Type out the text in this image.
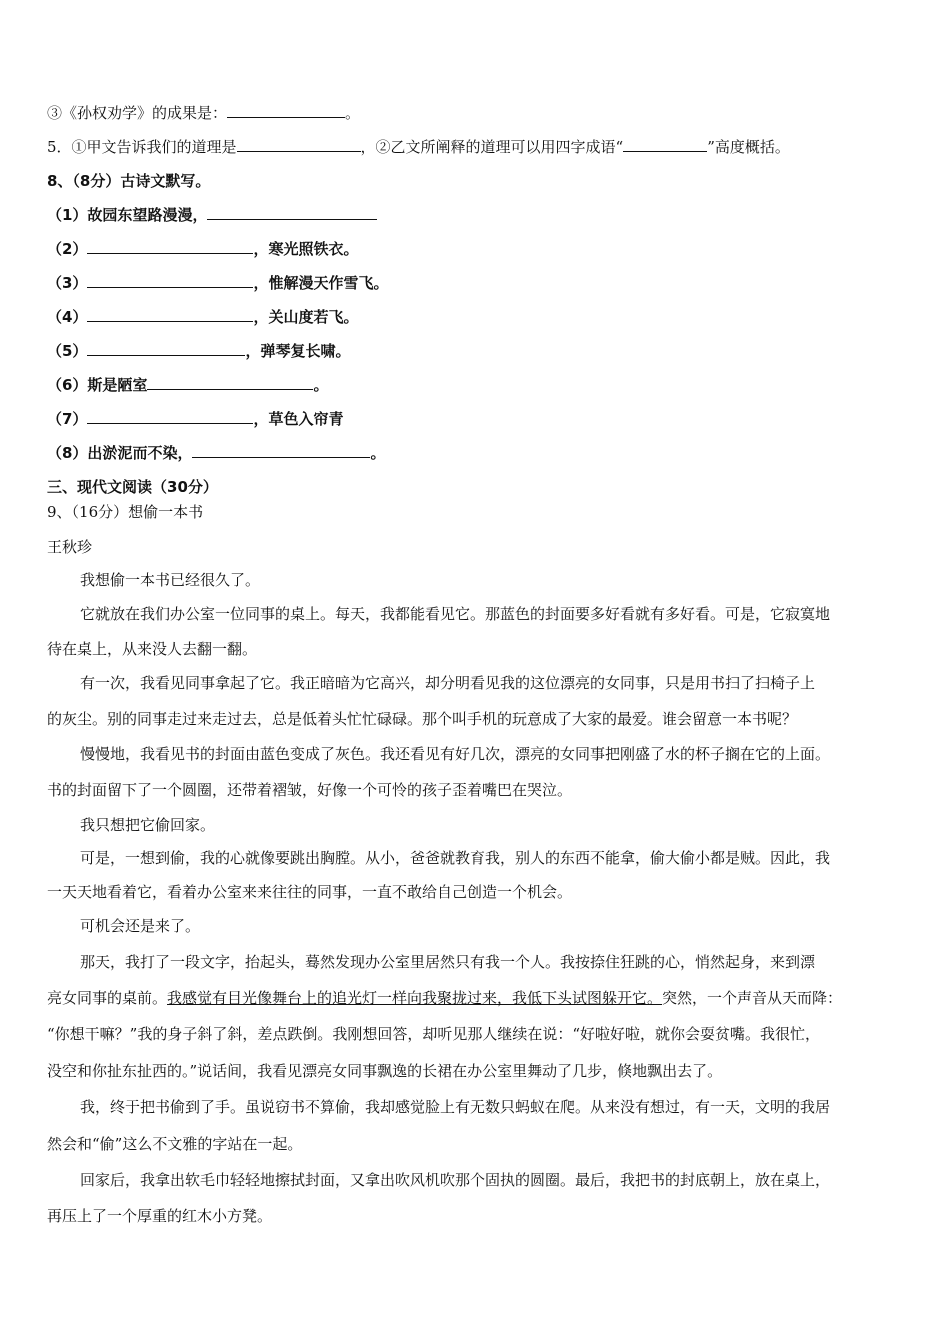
③《孙权劝学》的成果是：	。
5．①甲文告诉我们的道理是	，②乙文所阐释的道理可以用四字成语“	”高度概括。
8、（8分）古诗文默写。
（1）故园东望路漫漫，
（2）	，寒光照铁衣。
（3）	，惟解漫天作雪飞。
（4）	，关山度若飞。
（5）	，弹琴复长啸。
（6）斯是陋室	。
（7）	，草色入帘青
（8）出淤泥而不染，	。
三、现代文阅读（30分）
9、（16分）想偷一本书
王秋珍
我想偷一本书已经很久了。
它就放在我们办公室一位同事的桌上。每天，我都能看见它。那蓝色的封面要多好看就有多好看。可是，它寂寞地
待在桌上，从来没人去翻一翻。
有一次，我看见同事拿起了它。我正暗暗为它高兴，却分明看见我的这位漂亮的女同事，只是用书扫了扫椅子上
的灰尘。别的同事走过来走过去，总是低着头忙忙碌碌。那个叫手机的玩意成了大家的最爱。谁会留意一本书呢？
慢慢地，我看见书的封面由蓝色变成了灰色。我还看见有好几次，漂亮的女同事把刚盛了水的杯子搁在它的上面。
书的封面留下了一个圆圈，还带着褶皱，好像一个可怜的孩子歪着嘴巴在哭泣。
我只想把它偷回家。
可是，一想到偷，我的心就像要跳出胸膛。从小，爸爸就教育我，别人的东西不能拿，偷大偷小都是贼。因此，我
一天天地看着它，看着办公室来来往往的同事，一直不敢给自己创造一个机会。
可机会还是来了。
那天，我打了一段文字，抬起头，蓦然发现办公室里居然只有我一个人。我按捺住狂跳的心，悄然起身，来到漂
亮女同事的桌前。我感觉有目光像舞台上的追光灯一样向我聚拢过来，我低下头试图躲开它。突然，一个声音从天而降：
“你想干嘛？”我的身子斜了斜，差点跌倒。我刚想回答，却听见那人继续在说：“好啦好啦，就你会耍贫嘴。我很忙，
没空和你扯东扯西的。”说话间，我看见漂亮女同事飘逸的长裙在办公室里舞动了几步，倏地飘出去了。
我，终于把书偷到了手。虽说窃书不算偷，我却感觉脸上有无数只蚂蚁在爬。从来没有想过，有一天，文明的我居
然会和“偷”这么不文雅的字站在一起。
回家后，我拿出软毛巾轻轻地擦拭封面，又拿出吹风机吹那个固执的圆圈。最后，我把书的封底朝上，放在桌上，
再压上了一个厚重的红木小方凳。
